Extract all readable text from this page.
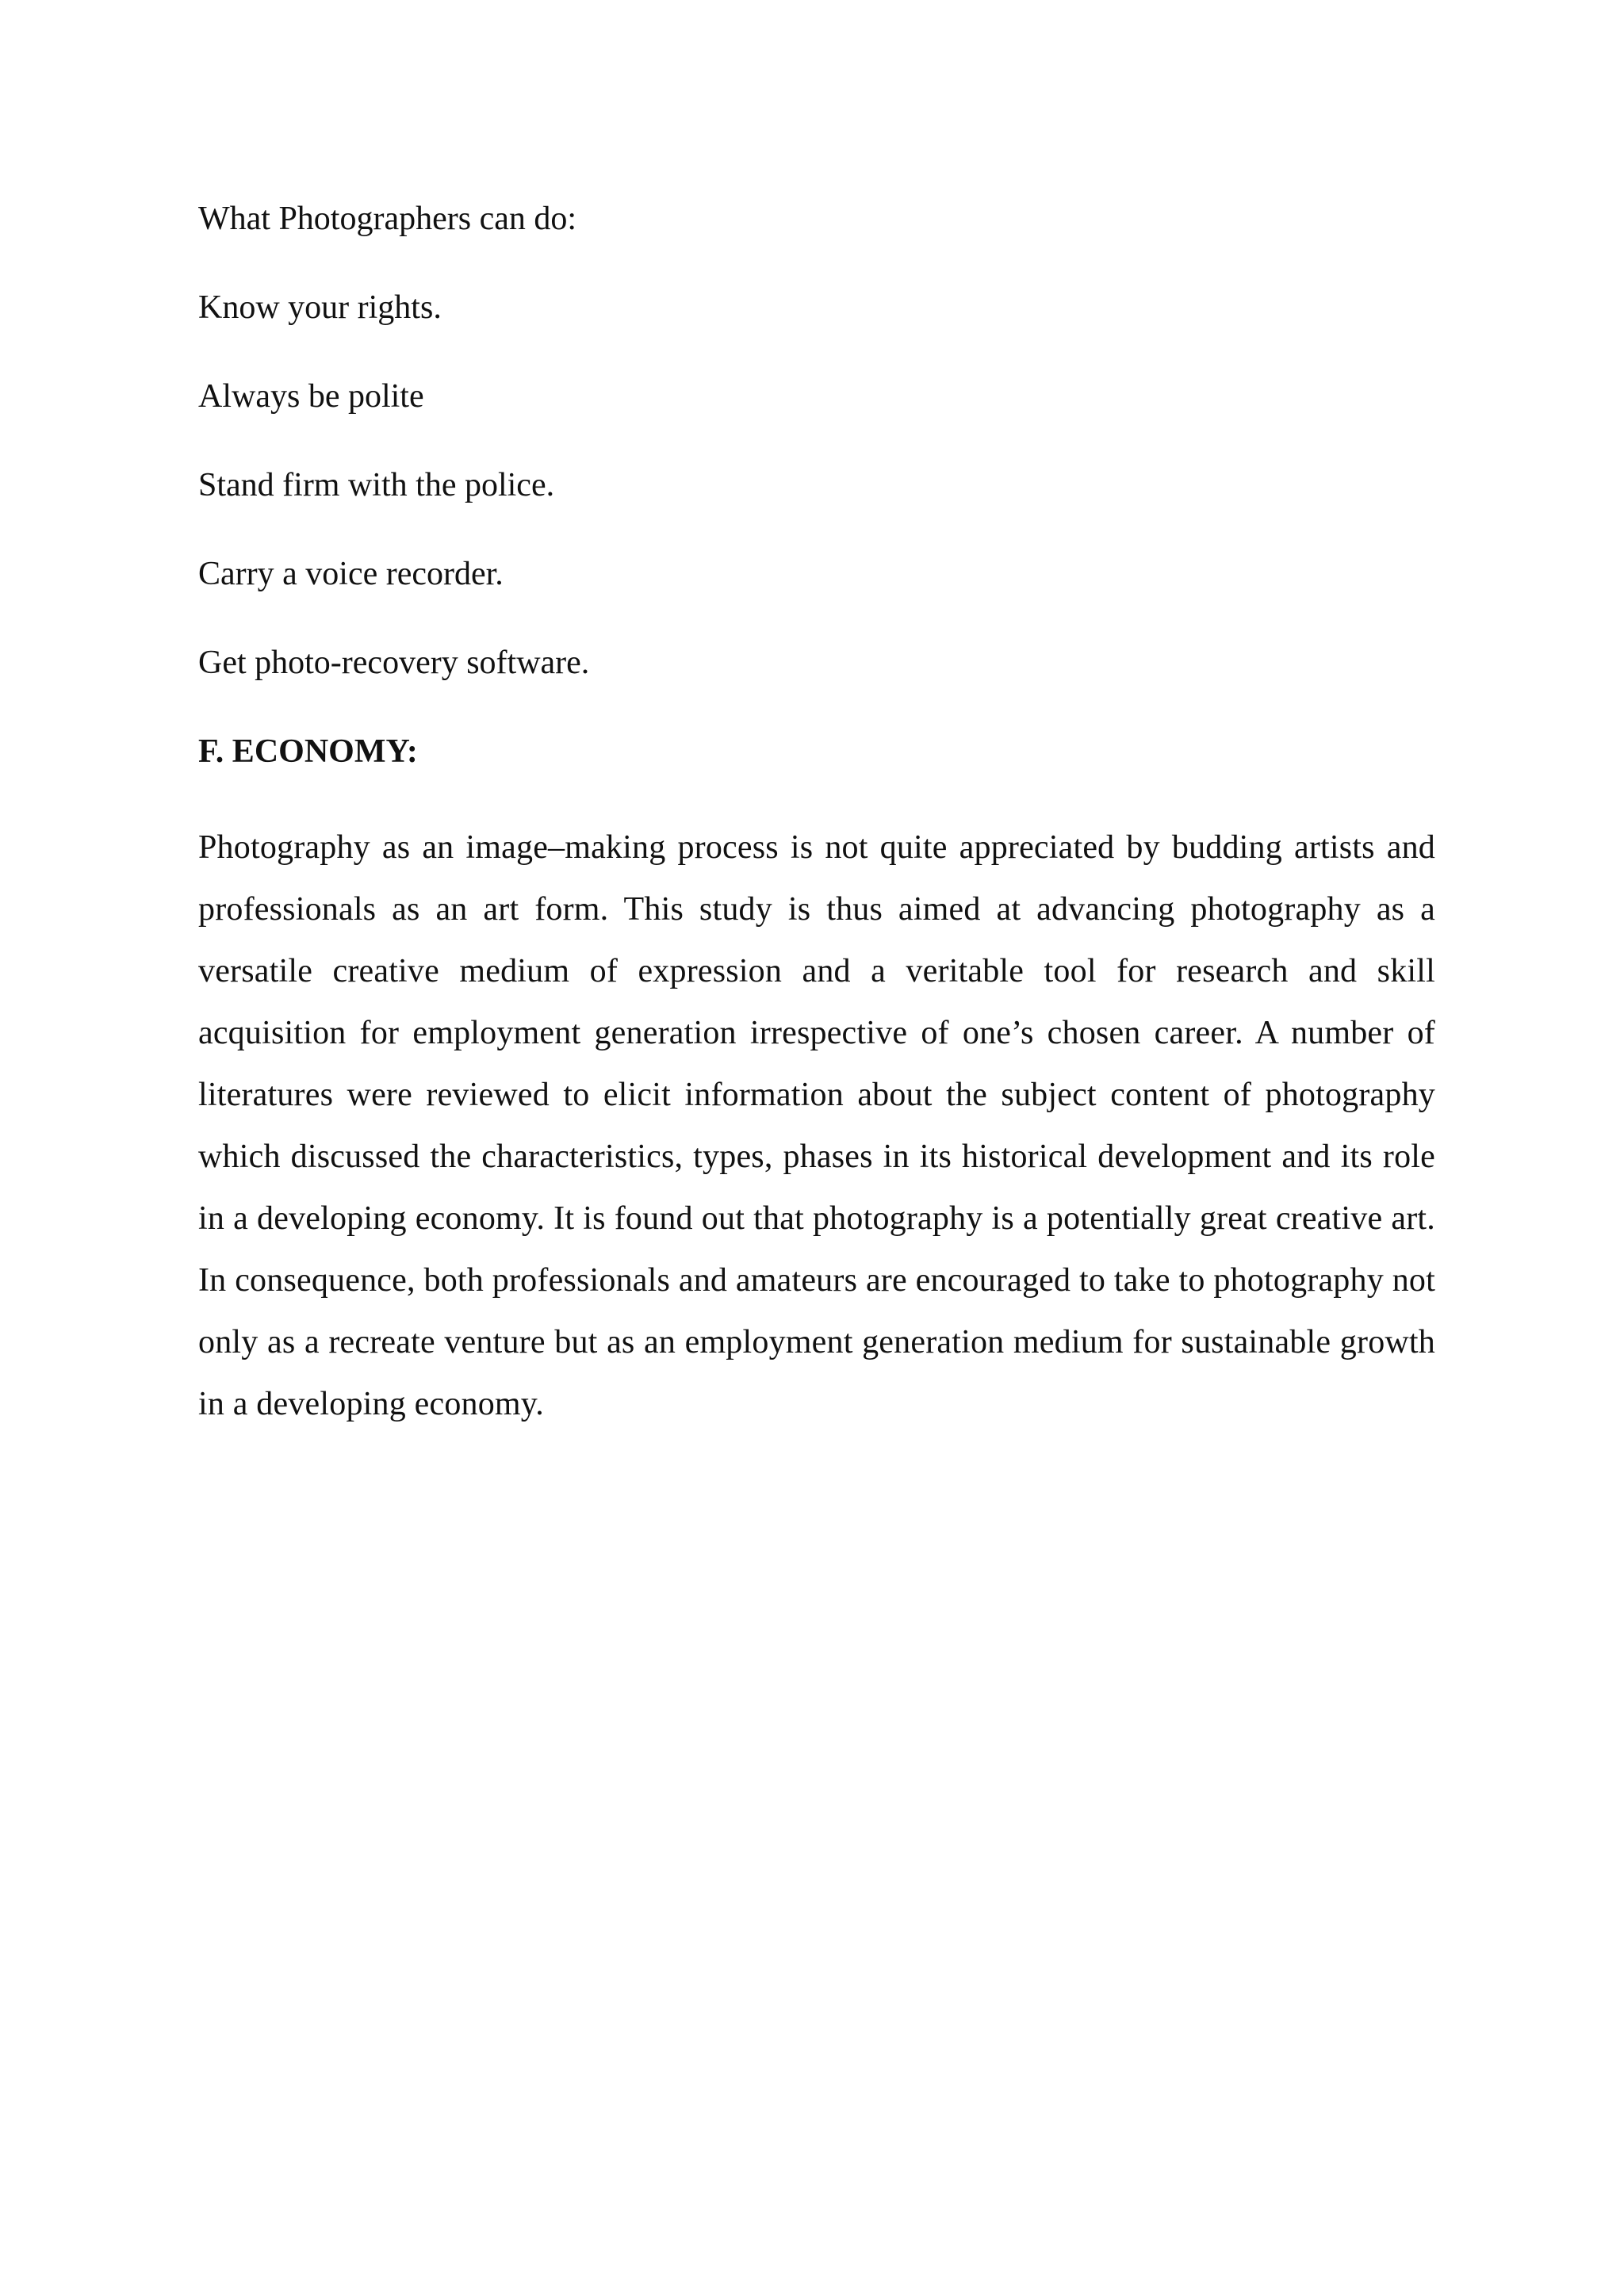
What Photographers can do:

Know your rights.

Always be polite

Stand firm with the police.

Carry a voice recorder.

Get photo-recovery software.

F. ECONOMY:

Photography as an image–making process is not quite appreciated by budding artists and professionals as an art form. This study is thus aimed at advancing photography as a versatile creative medium of expression and a veritable tool for research and skill acquisition for employment generation irrespective of one’s chosen career. A number of literatures were reviewed to elicit information about the subject content of photography which discussed the characteristics, types, phases in its historical development and its role in a developing economy. It is found out that photography is a potentially great creative art. In consequence, both professionals and amateurs are encouraged to take to photography not only as a recreate venture but as an employment generation medium for sustainable growth in a developing economy.
